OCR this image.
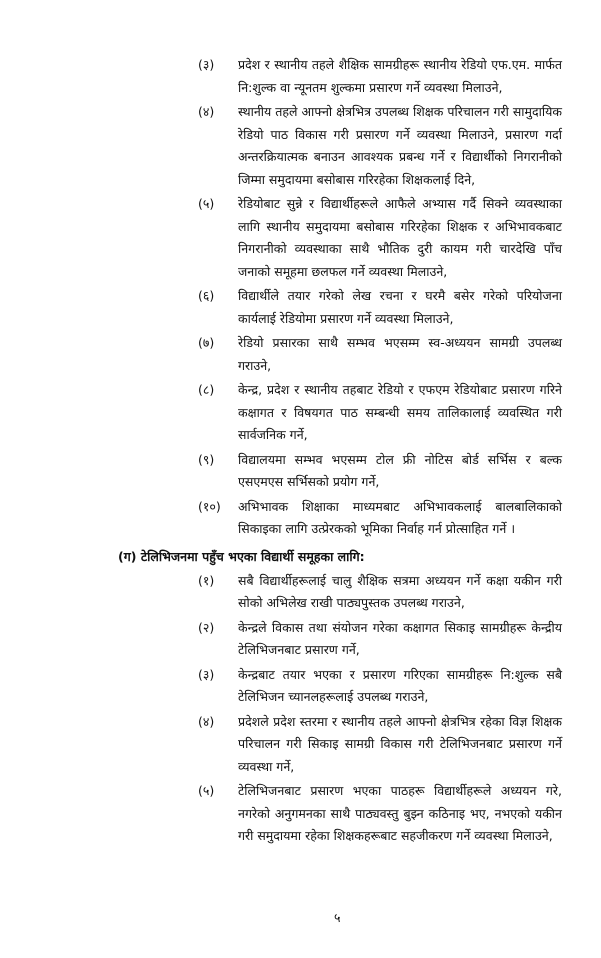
(३)	प्रदेश र स्थानीय तहले शैक्षिक सामग्रीहरू स्थानीय रेडियो एफ.एम. मार्फत नि:शुल्क वा न्यूनतम शुल्कमा प्रसारण गर्ने व्यवस्था मिलाउने,
(४)	स्थानीय तहले आफ्नो क्षेत्रभित्र उपलब्ध शिक्षक परिचालन गरी सामुदायिक रेडियो पाठ विकास गरी प्रसारण गर्ने व्यवस्था मिलाउने, प्रसारण गर्दा अन्तरक्रियात्मक बनाउन आवश्यक प्रबन्ध गर्ने र विद्यार्थीको निगरानीको जिम्मा समुदायमा बसोबास गरिरहेका शिक्षकलाई दिने,
(५)	रेडियोबाट सुन्ने र विद्यार्थीहरूले आफैले अभ्यास गर्दै सिक्ने व्यवस्थाका लागि स्थानीय समुदायमा बसोबास गरिरहेका शिक्षक र अभिभावकबाट निगरानीको व्यवस्थाका साथै भौतिक दुरी कायम गरी चारदेखि पाँच जनाको समूहमा छलफल गर्ने व्यवस्था मिलाउने,
(६)	विद्यार्थीले तयार गरेको लेख रचना र घरमै बसेर गरेको परियोजना कार्यलाई रेडियोमा प्रसारण गर्ने व्यवस्था मिलाउने,
(७)	रेडियो प्रसारका साथै सम्भव भएसम्म स्व-अध्ययन सामग्री उपलब्ध गराउने,
(८)	केन्द्र, प्रदेश र स्थानीय तहबाट रेडियो र एफएम रेडियोबाट प्रसारण गरिने कक्षागत र विषयगत पाठ सम्बन्धी समय तालिकालाई व्यवस्थित गरी सार्वजनिक गर्ने,
(९)	विद्यालयमा सम्भव भएसम्म टोल फ्री नोटिस बोर्ड सर्भिस र बल्क एसएमएस सर्भिसको प्रयोग गर्ने,
(१०)	अभिभावक शिक्षाका माध्यमबाट अभिभावकलाई बालबालिकाको सिकाइका लागि उत्प्रेरकको भूमिका निर्वाह गर्न प्रोत्साहित गर्ने ।
(ग) टेलिभिजनमा पहुँच भएका विद्यार्थी समूहका लागि:
(१)	सबै विद्यार्थीहरूलाई चालु शैक्षिक सत्रमा अध्ययन गर्ने कक्षा यकीन गरी सोको अभिलेख राखी पाठ्यपुस्तक उपलब्ध गराउने,
(२)	केन्द्रले विकास तथा संयोजन गरेका कक्षागत सिकाइ सामग्रीहरू केन्द्रीय टेलिभिजनबाट प्रसारण गर्ने,
(३)	केन्द्रबाट तयार भएका र प्रसारण गरिएका सामग्रीहरू नि:शुल्क सबै टेलिभिजन च्यानलहरूलाई उपलब्ध गराउने,
(४)	प्रदेशले प्रदेश स्तरमा र स्थानीय तहले आफ्नो क्षेत्रभित्र रहेका विज्ञ शिक्षक परिचालन गरी सिकाइ सामग्री विकास गरी टेलिभिजनबाट प्रसारण गर्ने व्यवस्था गर्ने,
(५)	टेलिभिजनबाट प्रसारण भएका पाठहरू विद्यार्थीहरूले अध्ययन गरे, नगरेको अनुगमनका साथै पाठ्यवस्तु बुझ्न कठिनाइ भए, नभएको यकीन गरी समुदायमा रहेका शिक्षकहरूबाट सहजीकरण गर्ने व्यवस्था मिलाउने,
५
